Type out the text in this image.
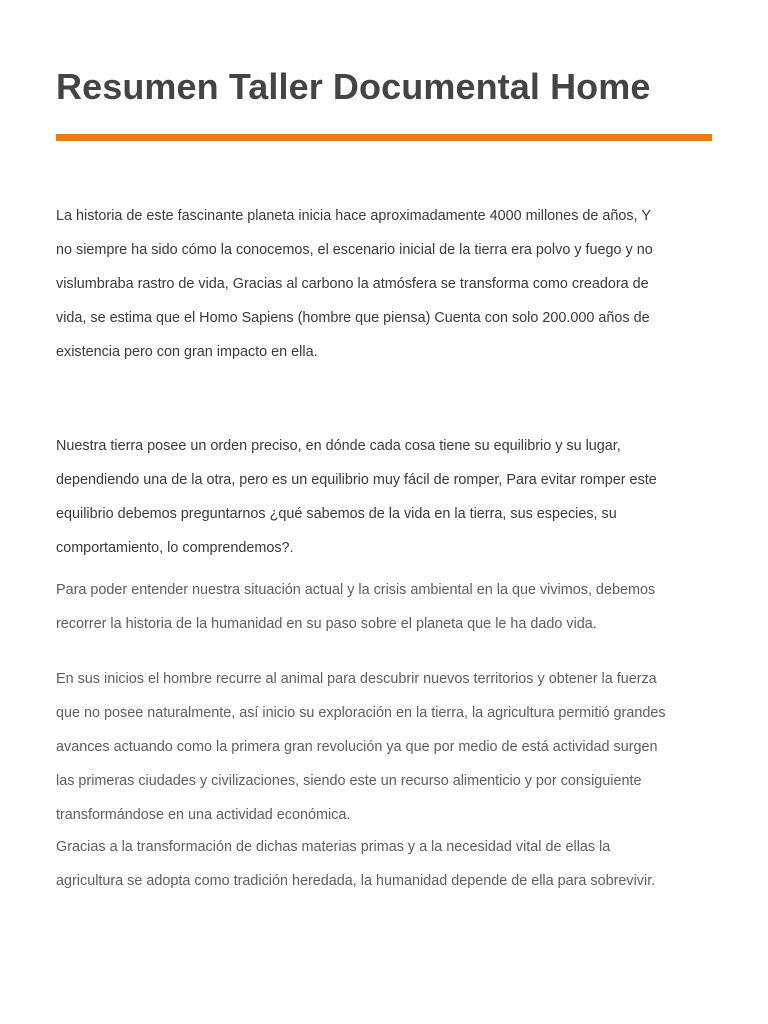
Resumen Taller Documental Home

La historia de este fascinante planeta inicia hace aproximadamente 4000 millones de años, Y
no siempre ha sido cómo la conocemos, el escenario inicial de la tierra era polvo y fuego y no
vislumbraba rastro de vida, Gracias al carbono la atmósfera se transforma como creadora de
vida, se estima que el Homo Sapiens (hombre que piensa) Cuenta con solo 200.000 años de
existencia pero con gran impacto en ella.

Nuestra tierra posee un orden preciso, en dónde cada cosa tiene su equilibrio y su lugar,
dependiendo una de la otra, pero es un equilibrio muy fácil de romper, Para evitar romper este
equilibrio debemos preguntarnos ¿qué sabemos de la vida en la tierra, sus especies, su
comportamiento, lo comprendemos?.

Para poder entender nuestra situación actual y la crisis ambiental en la que vivimos, debemos
recorrer la historia de la humanidad en su paso sobre el planeta que le ha dado vida.

En sus inicios el hombre recurre al animal para descubrir nuevos territorios y obtener la fuerza
que no posee naturalmente, así inicio su exploración en la tierra, la agricultura permitió grandes
avances actuando como la primera gran revolución ya que por medio de está actividad surgen
las primeras ciudades y civilizaciones, siendo este un recurso alimenticio y por consiguiente
transformándose en una actividad económica.

Gracias a la transformación de dichas materias primas y a la necesidad vital de ellas la
agricultura se adopta como tradición heredada, la humanidad depende de ella para sobrevivir.
